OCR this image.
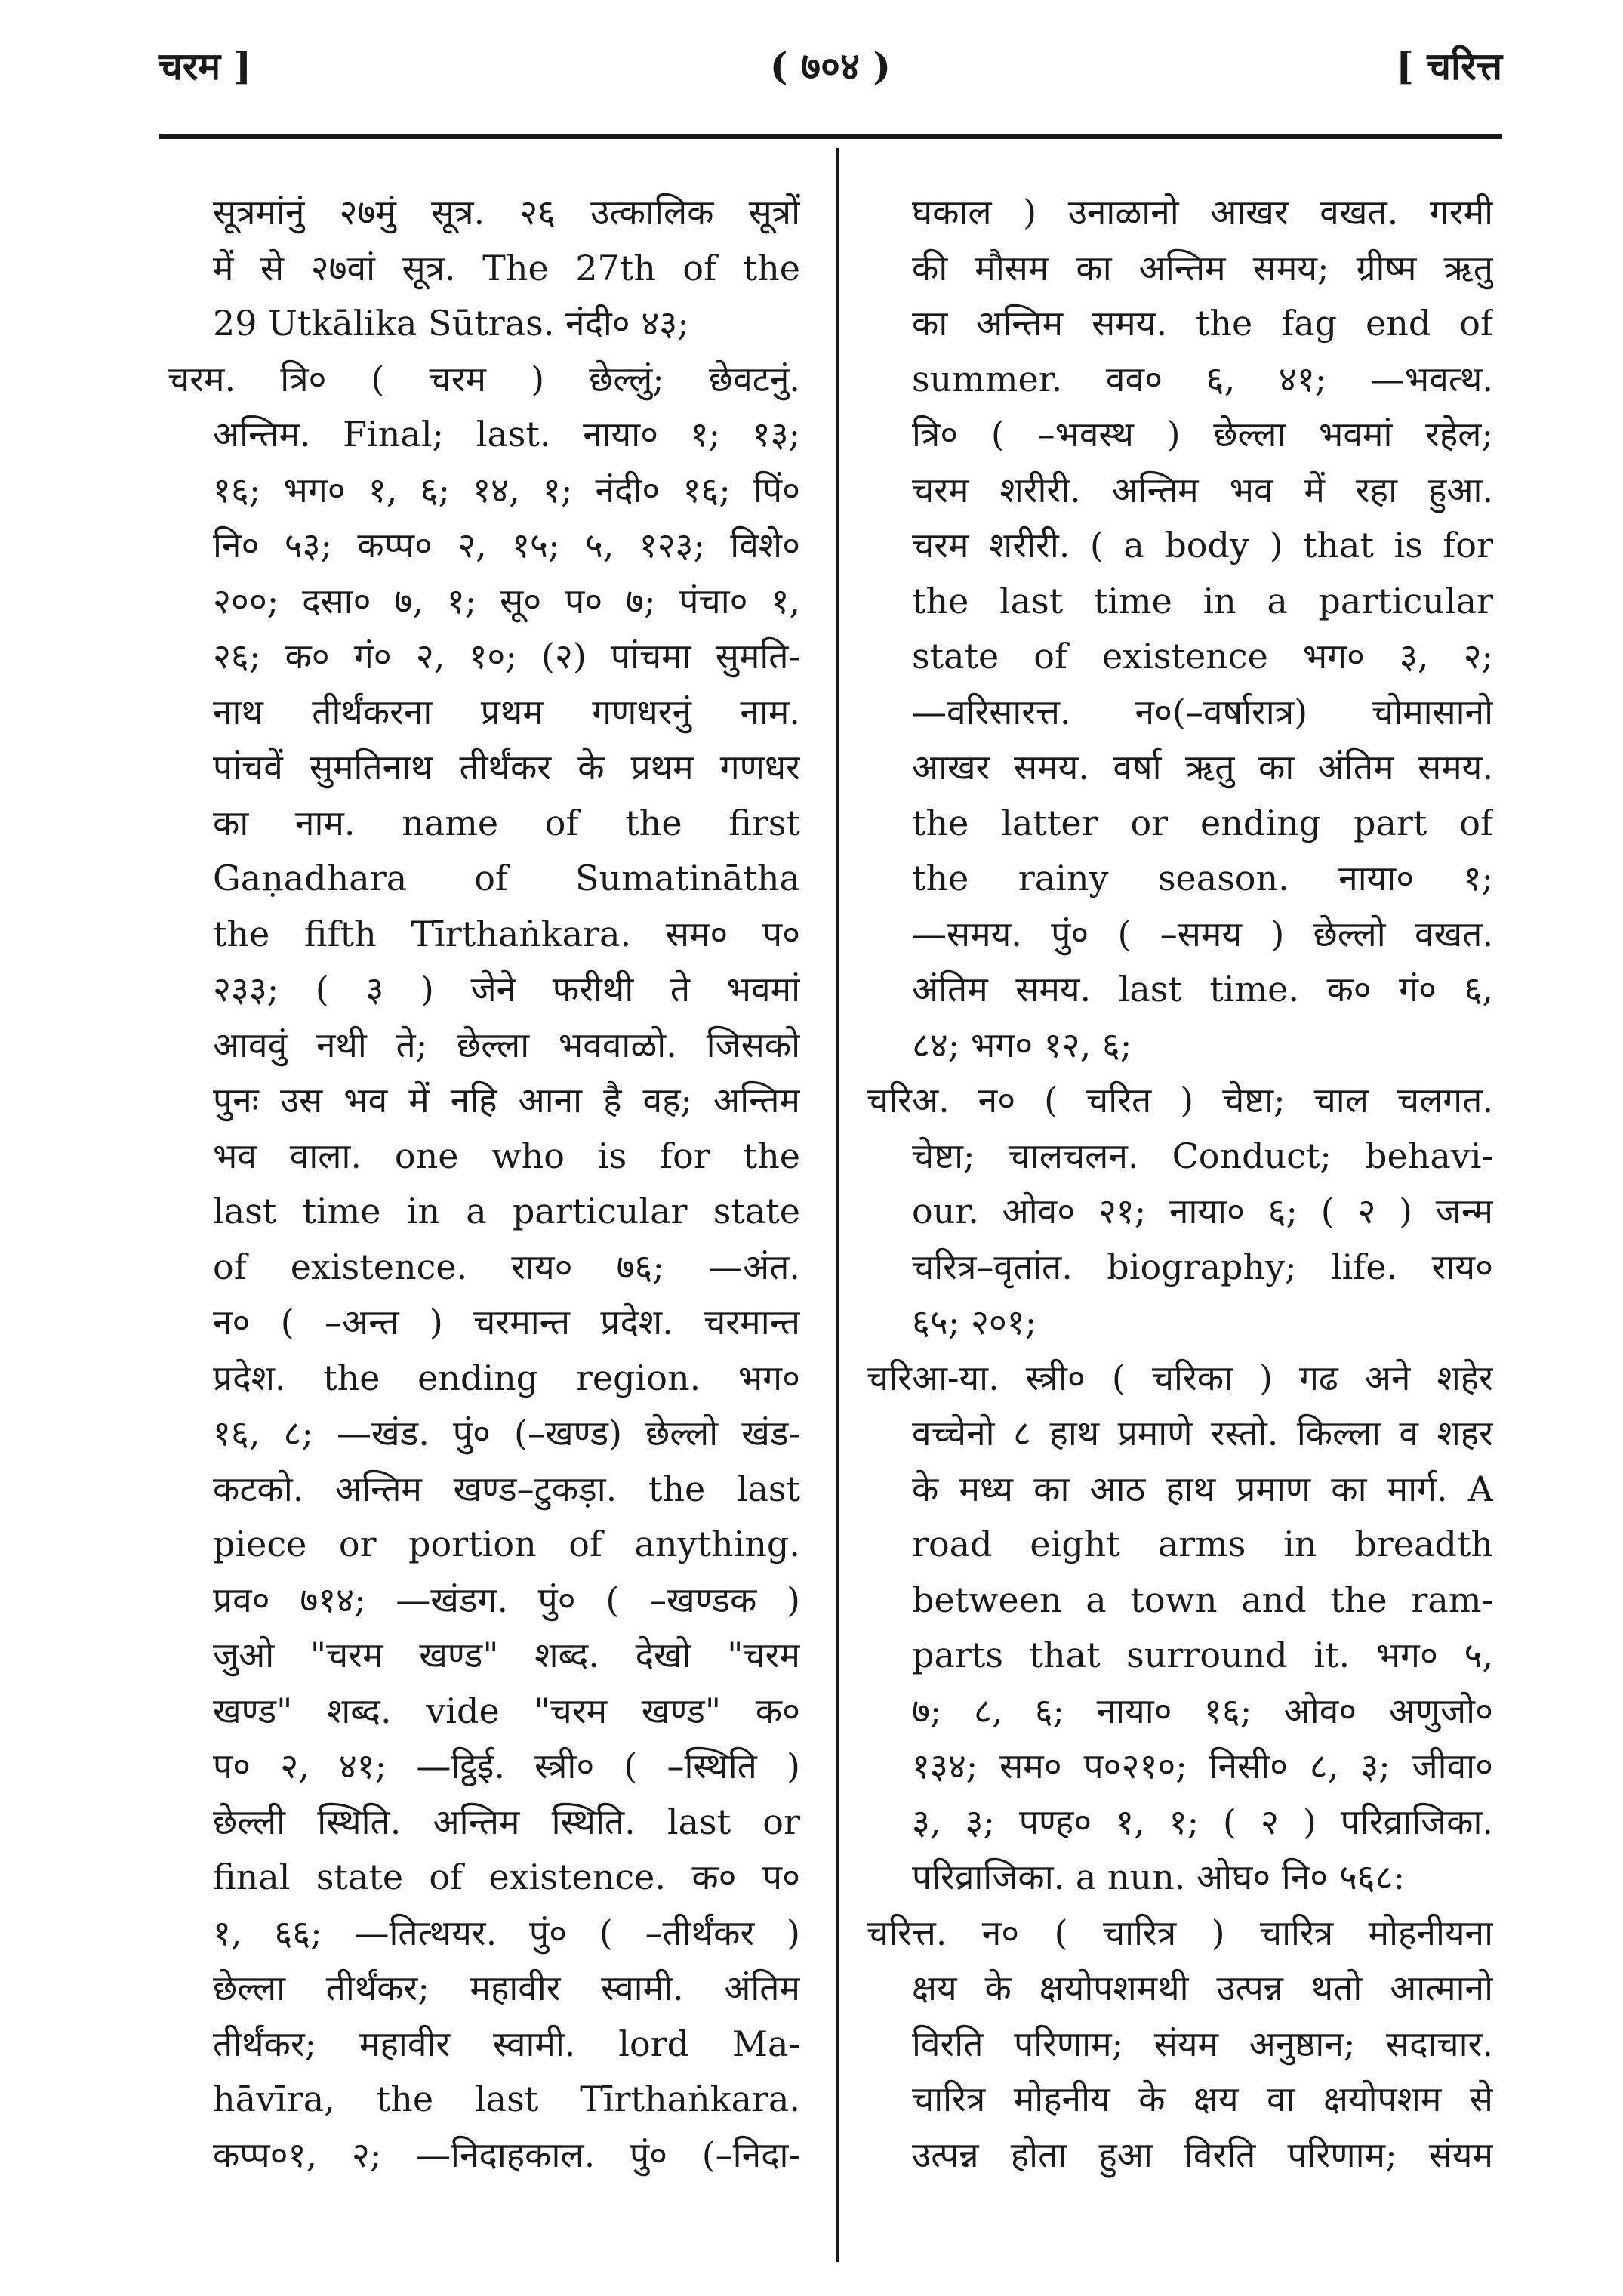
चरम ]	( ७०४ )	[ चरित्त
सूत्रमांनुं २७मुं सूत्र. २६ उत्कालिक सूत्रों
में से २७वां सूत्र. The 27th of the
29 Utkālika Sūtras. नंदी० ४३;
चरम. त्रि० ( चरम ) छेल्लुं; छेवटनुं.
अन्तिम. Final; last. नाया० १; १३;
१६; भग० १, ६; १४, १; नंदी० १६; पिं०
नि० ५३; कप्प० २, १५; ५, १२३; विशे०
२००; दसा० ७, १; सू० प० ७; पंचा० १,
२६; क० गं० २, १०; (२) पांचमा सुमति-
नाथ तीर्थंकरना प्रथम गणधरनुं नाम.
पांचवें सुमतिनाथ तीर्थंकर के प्रथम गणधर
का नाम. name of the first
Gaṇadhara of Sumatinātha
the fifth Tīrthaṅkara. सम० प०
२३३; ( ३ ) जेने फरीथी ते भवमां
आववुं नथी ते; छेल्ला भववाळो. जिसको
पुनः उस भव में नहि आना है वह; अन्तिम
भव वाला. one who is for the
last time in a particular state
of existence. राय० ७६; —अंत.
न० ( –अन्त ) चरमान्त प्रदेश. चरमान्त
प्रदेश. the ending region. भग०
१६, ८; —खंड. पुं० (–खण्ड) छेल्लो खंड-
कटको. अन्तिम खण्ड–टुकड़ा. the last
piece or portion of anything.
प्रव० ७१४; —खंडग. पुं० ( –खण्डक )
जुओ "चरम खण्ड" शब्द. देखो "चरम
खण्ड" शब्द. vide "चरम खण्ड" क०
प० २, ४१; —ट्ठिई. स्त्री० ( –स्थिति )
छेल्ली स्थिति. अन्तिम स्थिति. last or
final state of existence. क० प०
१, ६६; —तित्थयर. पुं० ( –तीर्थंकर )
छेल्ला तीर्थंकर; महावीर स्वामी. अंतिम
तीर्थंकर; महावीर स्वामी. lord Ma-
hāvīra, the last Tīrthaṅkara.
कप्प०१, २; —निदाहकाल. पुं० (–निदा-
घकाल ) उनाळानो आखर वखत. गरमी
की मौसम का अन्तिम समय; ग्रीष्म ऋतु
का अन्तिम समय. the fag end of
summer. वव० ६, ४१; —भवत्थ.
त्रि० ( –भवस्थ ) छेल्ला भवमां रहेल;
चरम शरीरी. अन्तिम भव में रहा हुआ.
चरम शरीरी. ( a body ) that is for
the last time in a particular
state of existence भग० ३, २;
—वरिसारत्त. न०(–वर्षारात्र) चोमासानो
आखर समय. वर्षा ऋतु का अंतिम समय.
the latter or ending part of
the rainy season. नाया० १;
—समय. पुं० ( –समय ) छेल्लो वखत.
अंतिम समय. last time. क० गं० ६,
८४; भग० १२, ६;
चरिअ. न० ( चरित ) चेष्टा; चाल चलगत.
चेष्टा; चालचलन. Conduct; behavi-
our. ओव० २१; नाया० ६; ( २ ) जन्म
चरित्र–वृतांत. biography; life. राय०
६५; २०१;
चरिआ-या. स्त्री० ( चरिका ) गढ अने शहेर
वच्चेनो ८ हाथ प्रमाणे रस्तो. किल्ला व शहर
के मध्य का आठ हाथ प्रमाण का मार्ग. A
road eight arms in breadth
between a town and the ram-
parts that surround it. भग० ५,
७; ८, ६; नाया० १६; ओव० अणुजो०
१३४; सम० प०२१०; निसी० ८, ३; जीवा०
३, ३; पण्ह० १, १; ( २ ) परिव्राजिका.
परिव्राजिका. a nun. ओघ० नि० ५६८:
चरित्त. न० ( चारित्र ) चारित्र मोहनीयना
क्षय के क्षयोपशमथी उत्पन्न थतो आत्मानो
विरति परिणाम; संयम अनुष्ठान; सदाचार.
चारित्र मोहनीय के क्षय वा क्षयोपशम से
उत्पन्न होता हुआ विरति परिणाम; संयम
